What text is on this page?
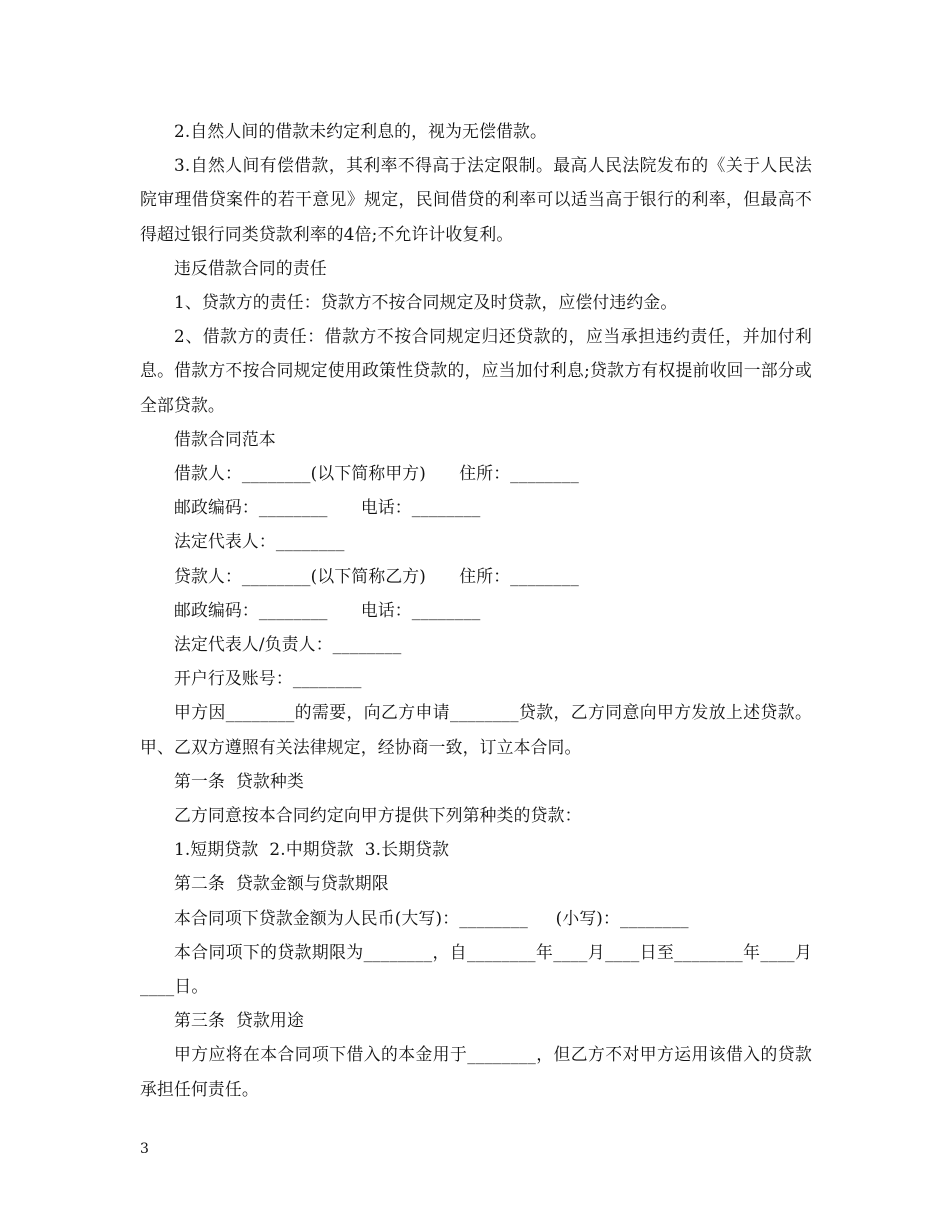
2.自然人间的借款未约定利息的，视为无偿借款。

3.自然人间有偿借款，其利率不得高于法定限制。最高人民法院发布的《关于人民法院审理借贷案件的若干意见》规定，民间借贷的利率可以适当高于银行的利率，但最高不得超过银行同类贷款利率的4倍;不允许计收复利。

违反借款合同的责任

1、贷款方的责任：贷款方不按合同规定及时贷款，应偿付违约金。

2、借款方的责任：借款方不按合同规定归还贷款的，应当承担违约责任，并加付利息。借款方不按合同规定使用政策性贷款的，应当加付利息;贷款方有权提前收回一部分或全部贷款。

借款合同范本

借款人：________(以下简称甲方)      住所：________

邮政编码：________      电话：________

法定代表人：________

贷款人：________(以下简称乙方)      住所：________

邮政编码：________      电话：________

法定代表人/负责人：________

开户行及账号：________

甲方因________的需要，向乙方申请________贷款，乙方同意向甲方发放上述贷款。甲、乙双方遵照有关法律规定，经协商一致，订立本合同。

第一条  贷款种类

乙方同意按本合同约定向甲方提供下列第种类的贷款：

1.短期贷款  2.中期贷款  3.长期贷款

第二条  贷款金额与贷款期限

本合同项下贷款金额为人民币(大写)：________     (小写)：________

本合同项下的贷款期限为________，自________年____月____日至________年____月____日。

第三条  贷款用途

甲方应将在本合同项下借入的本金用于________，但乙方不对甲方运用该借入的贷款承担任何责任。

3
